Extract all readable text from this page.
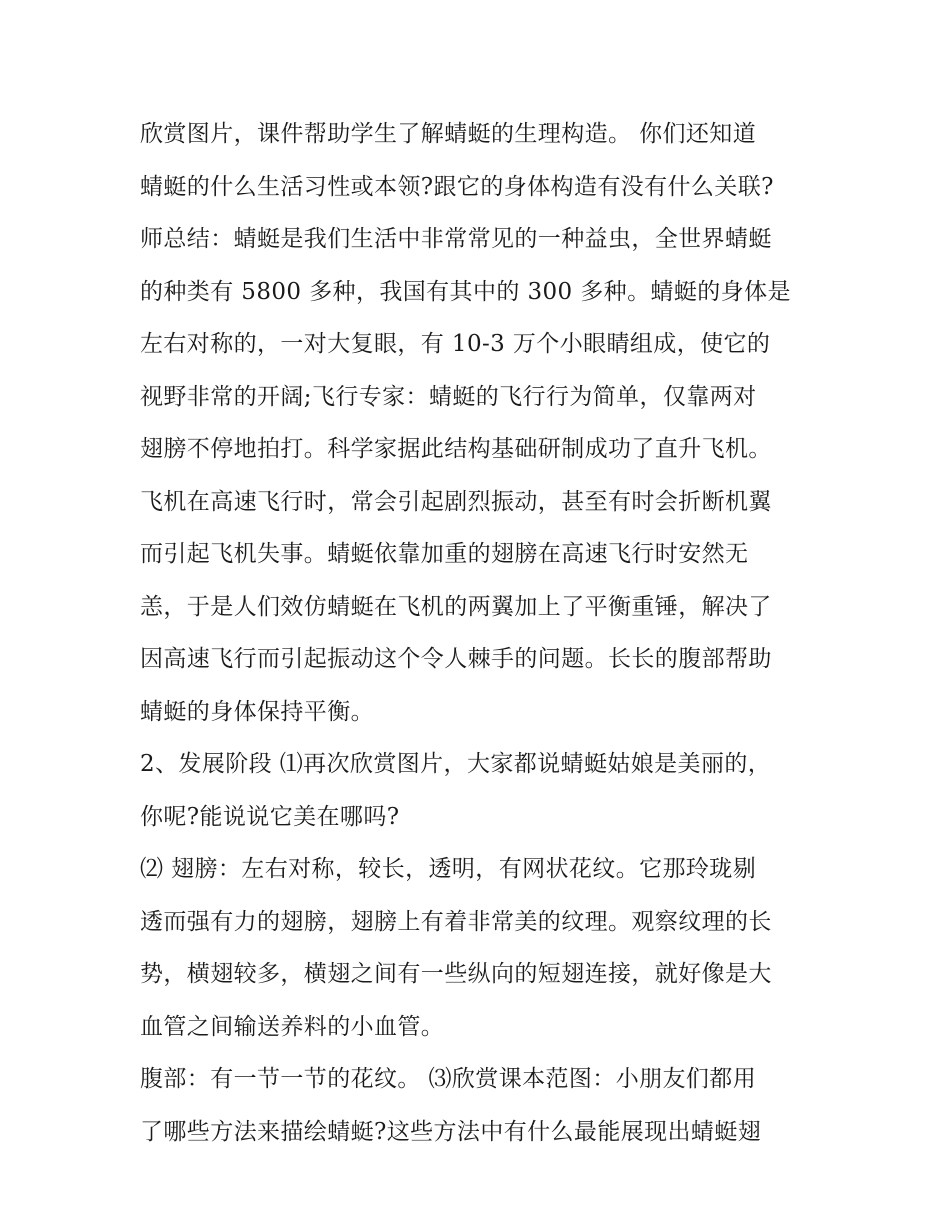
欣赏图片，课件帮助学生了解蜻蜓的生理构造。 你们还知道
蜻蜓的什么生活习性或本领?跟它的身体构造有没有什么关联?
师总结：蜻蜓是我们生活中非常常见的一种益虫，全世界蜻蜓
的种类有 5800 多种，我国有其中的 300 多种。蜻蜓的身体是
左右对称的，一对大复眼，有 10-3 万个小眼睛组成，使它的
视野非常的开阔;飞行专家：蜻蜓的飞行行为简单，仅靠两对
翅膀不停地拍打。科学家据此结构基础研制成功了直升飞机。
飞机在高速飞行时，常会引起剧烈振动，甚至有时会折断机翼
而引起飞机失事。蜻蜓依靠加重的翅膀在高速飞行时安然无
恙，于是人们效仿蜻蜓在飞机的两翼加上了平衡重锤，解决了
因高速飞行而引起振动这个令人棘手的问题。长长的腹部帮助
蜻蜓的身体保持平衡。
2、发展阶段 ⑴再次欣赏图片，大家都说蜻蜓姑娘是美丽的，
你呢?能说说它美在哪吗?
⑵ 翅膀：左右对称，较长，透明，有网状花纹。它那玲珑剔
透而强有力的翅膀，翅膀上有着非常美的纹理。观察纹理的长
势，横翅较多，横翅之间有一些纵向的短翅连接，就好像是大
血管之间输送养料的小血管。
腹部：有一节一节的花纹。 ⑶欣赏课本范图：小朋友们都用
了哪些方法来描绘蜻蜓?这些方法中有什么最能展现出蜻蜓翅
